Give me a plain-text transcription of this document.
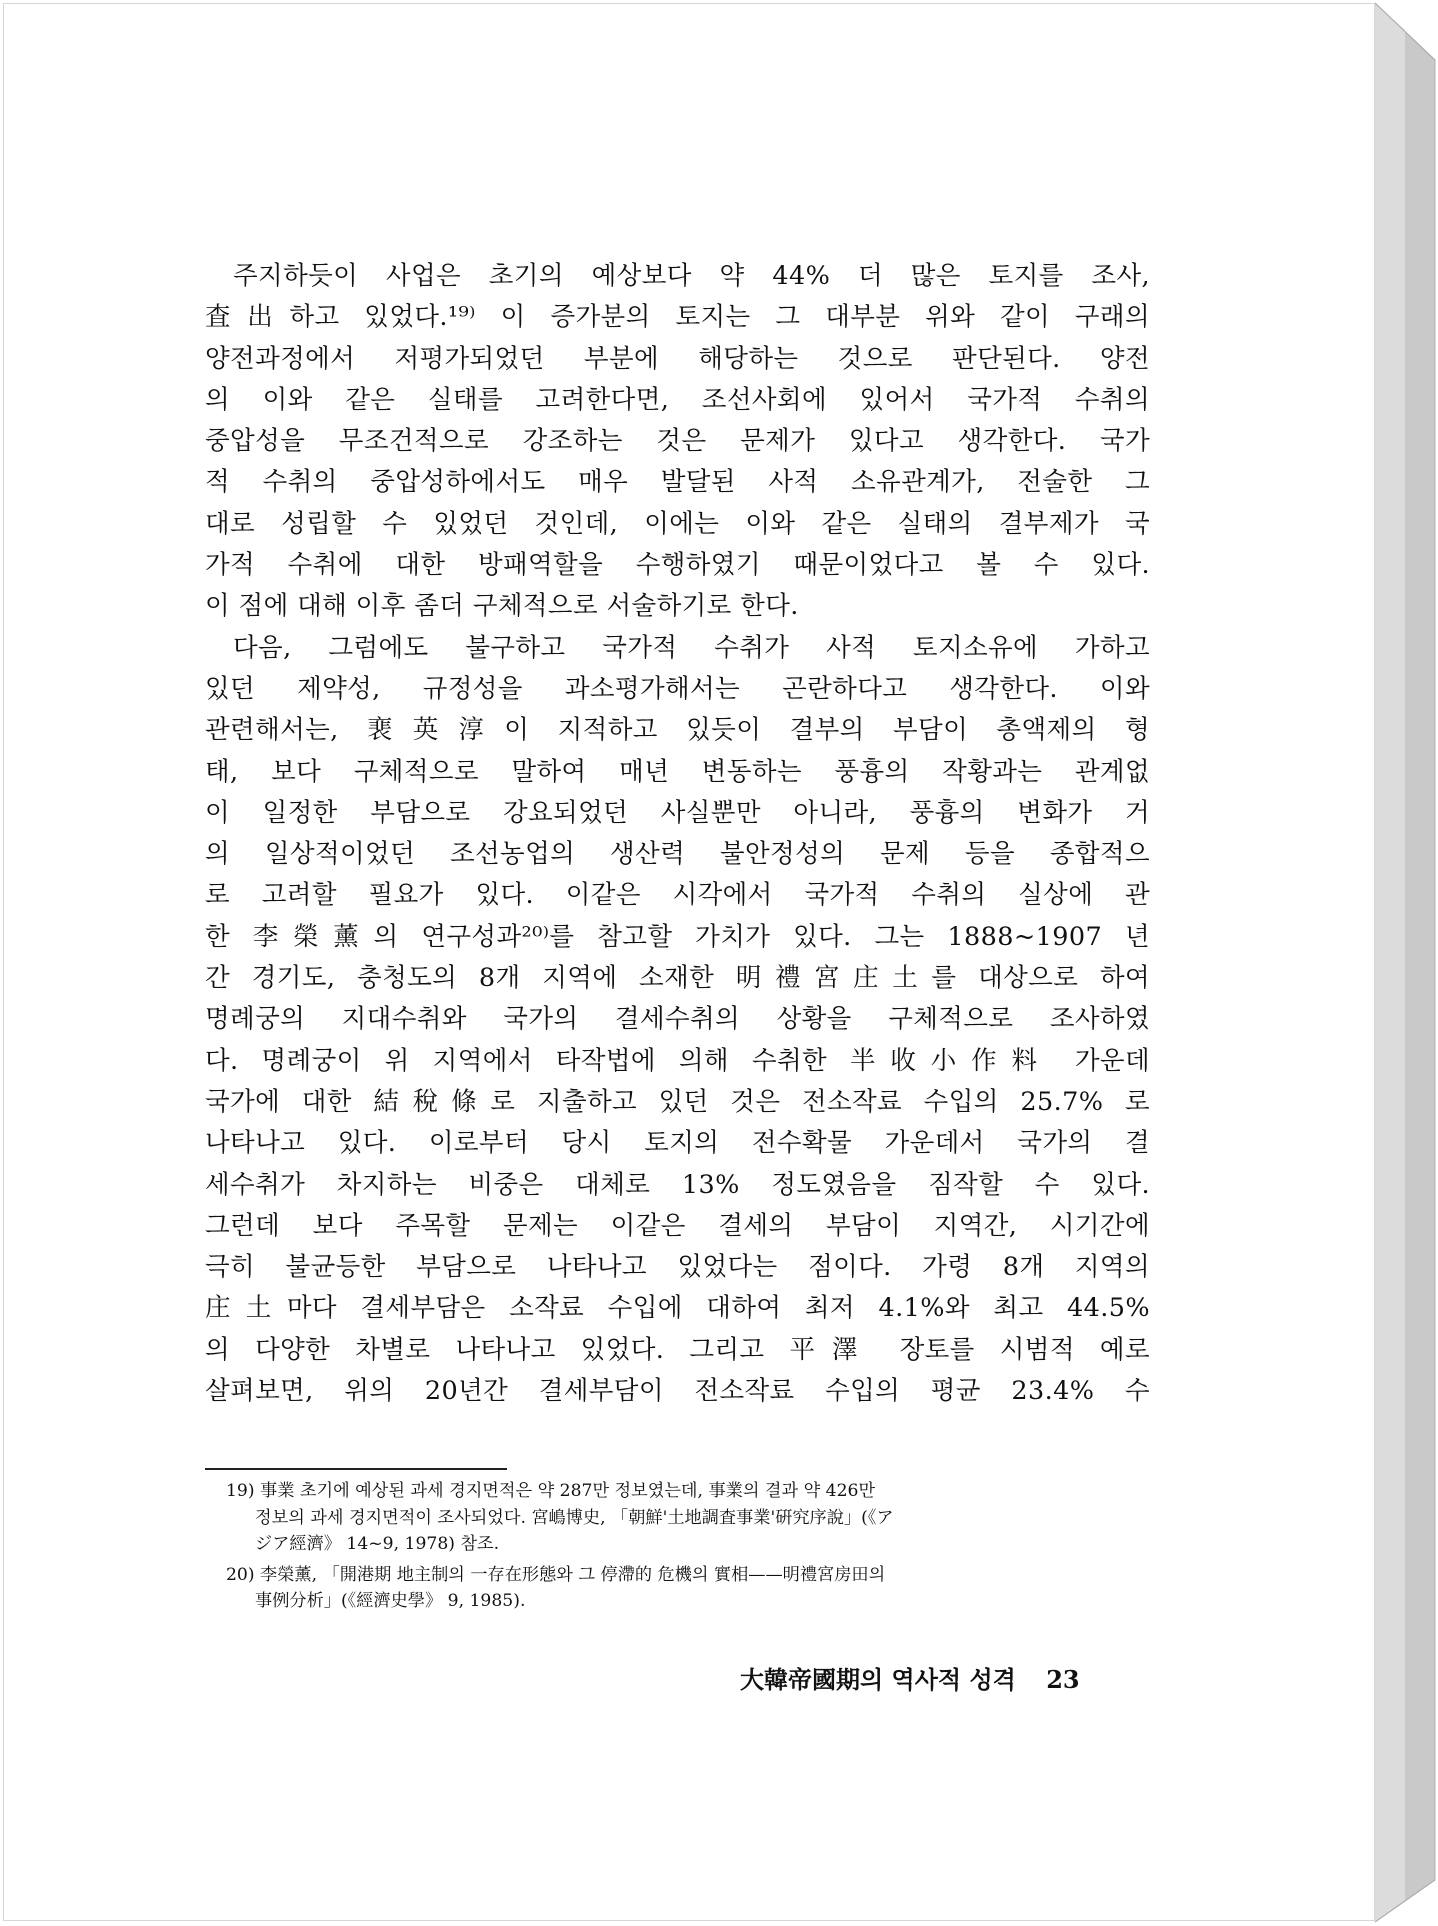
주지하듯이 사업은 초기의 예상보다 약 44% 더 많은 토지를 조사,
査出하고 있었다.¹⁹⁾ 이 증가분의 토지는 그 대부분 위와 같이 구래의
양전과정에서 저평가되었던 부분에 해당하는 것으로 판단된다. 양전
의 이와 같은 실태를 고려한다면, 조선사회에 있어서 국가적 수취의
중압성을 무조건적으로 강조하는 것은 문제가 있다고 생각한다. 국가
적 수취의 중압성하에서도 매우 발달된 사적 소유관계가, 전술한 그
대로 성립할 수 있었던 것인데, 이에는 이와 같은 실태의 결부제가 국
가적 수취에 대한 방패역할을 수행하였기 때문이었다고 볼 수 있다.
이 점에 대해 이후 좀더 구체적으로 서술하기로 한다.

다음, 그럼에도 불구하고 국가적 수취가 사적 토지소유에 가하고
있던 제약성, 규정성을 과소평가해서는 곤란하다고 생각한다. 이와
관련해서는, 裵英淳이 지적하고 있듯이 결부의 부담이 총액제의 형
태, 보다 구체적으로 말하여 매년 변동하는 풍흉의 작황과는 관계없
이 일정한 부담으로 강요되었던 사실뿐만 아니라, 풍흉의 변화가 거
의 일상적이었던 조선농업의 생산력 불안정성의 문제 등을 종합적으
로 고려할 필요가 있다. 이같은 시각에서 국가적 수취의 실상에 관
한 李榮薰의 연구성과²⁰⁾를 참고할 가치가 있다. 그는 1888~1907 년
간 경기도, 충청도의 8개 지역에 소재한 明禮宮庄土를 대상으로 하여
명례궁의 지대수취와 국가의 결세수취의 상황을 구체적으로 조사하였
다. 명례궁이 위 지역에서 타작법에 의해 수취한 半收小作料 가운데
국가에 대한 結稅條로 지출하고 있던 것은 전소작료 수입의 25.7% 로
나타나고 있다. 이로부터 당시 토지의 전수확물 가운데서 국가의 결
세수취가 차지하는 비중은 대체로 13% 정도였음을 짐작할 수 있다.
그런데 보다 주목할 문제는 이같은 결세의 부담이 지역간, 시기간에
극히 불균등한 부담으로 나타나고 있었다는 점이다. 가령 8개 지역의
庄土마다 결세부담은 소작료 수입에 대하여 최저 4.1%와 최고 44.5%
의 다양한 차별로 나타나고 있었다. 그리고 平澤 장토를 시범적 예로
살펴보면, 위의 20년간 결세부담이 전소작료 수입의 평균 23.4% 수

19) 事業 초기에 예상된 과세 경지면적은 약 287만 정보였는데, 事業의 결과 약 426만
정보의 과세 경지면적이 조사되었다. 宮嶋博史, 「朝鮮'土地調査事業'硏究序說」(《ア
ジア經濟》 14~9, 1978) 참조.

20) 李榮薰, 「開港期 地主制의 一存在形態와 그 停滯的 危機의 實相——明禮宮房田의
事例分析」(《經濟史學》 9, 1985).

大韓帝國期의 역사적 성격 23
